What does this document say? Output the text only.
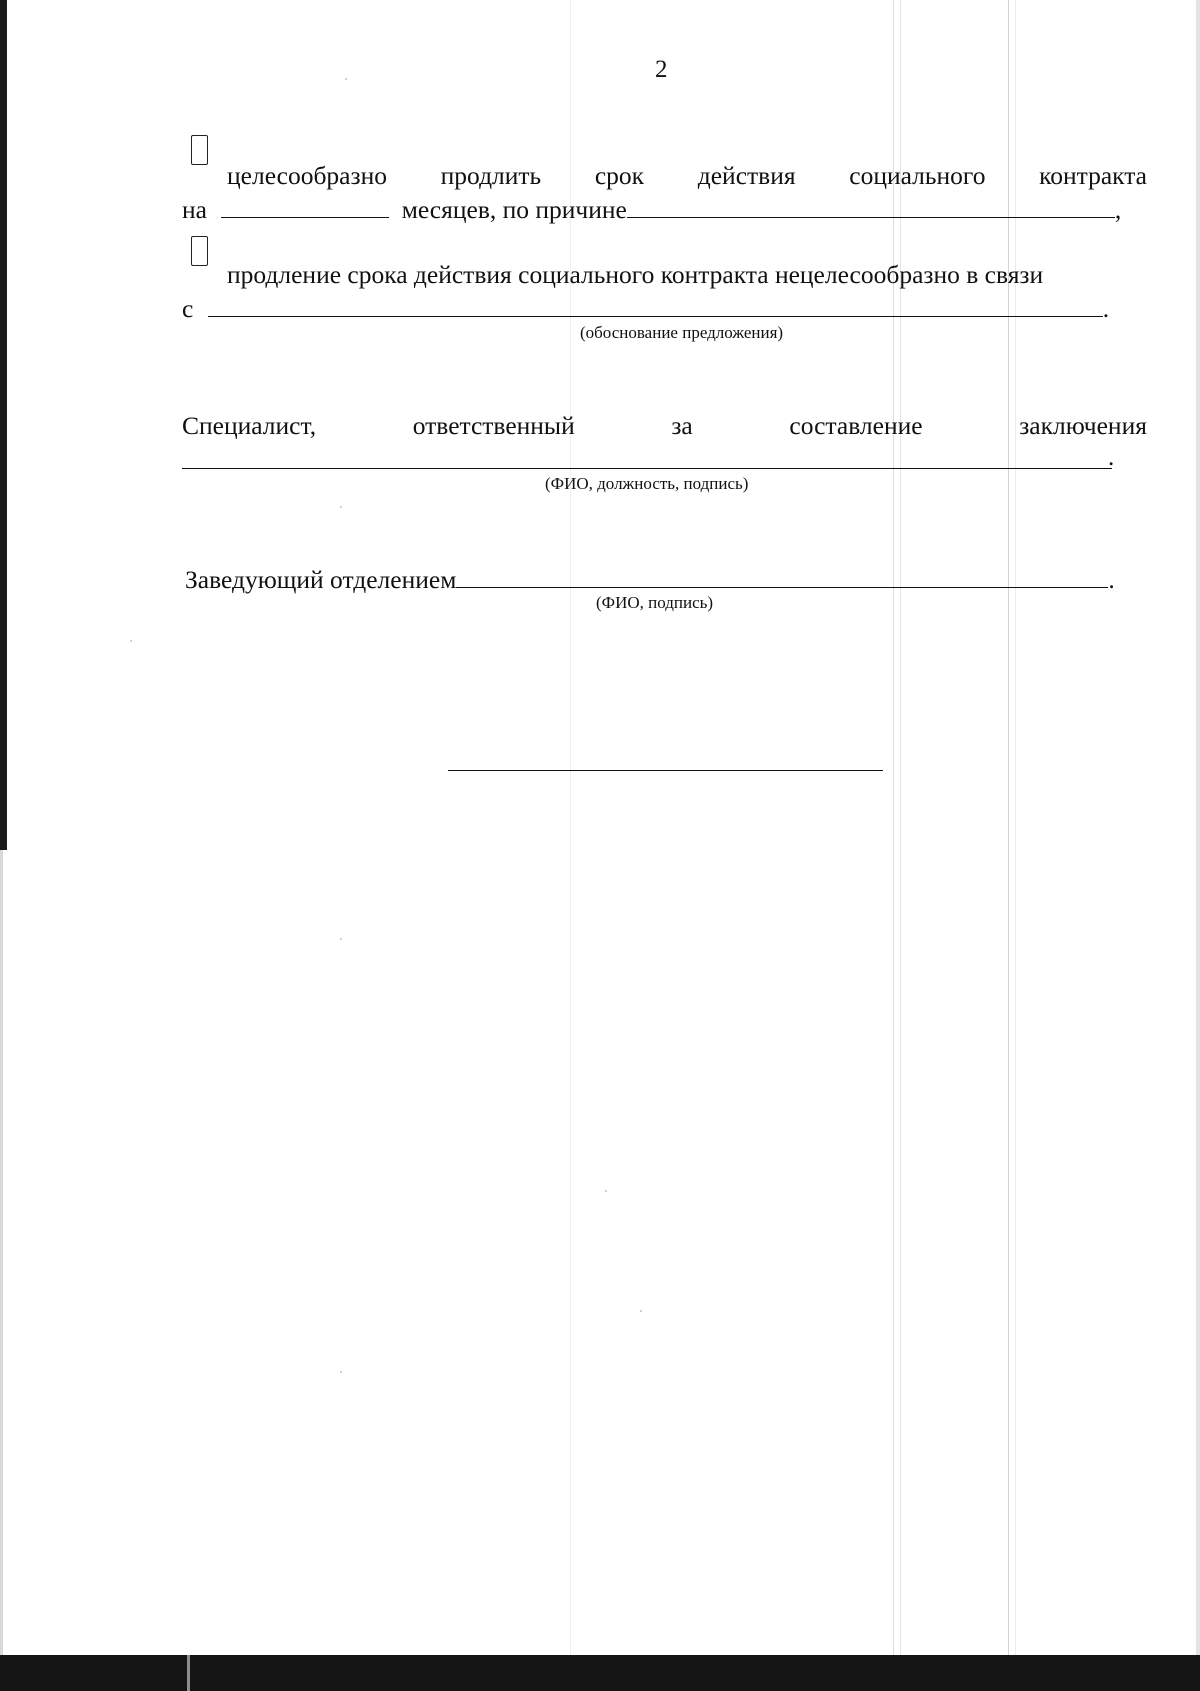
2
целесообразно продлить срок действия социального контракта
на	месяцев, по причине	,
продление срока действия социального контракта нецелесообразно в связи
с	.
(обоснование предложения)
Специалист,	ответственный	за	составление	заключения
.
(ФИО, должность, подпись)
Заведующий отделением	.
(ФИО, подпись)
